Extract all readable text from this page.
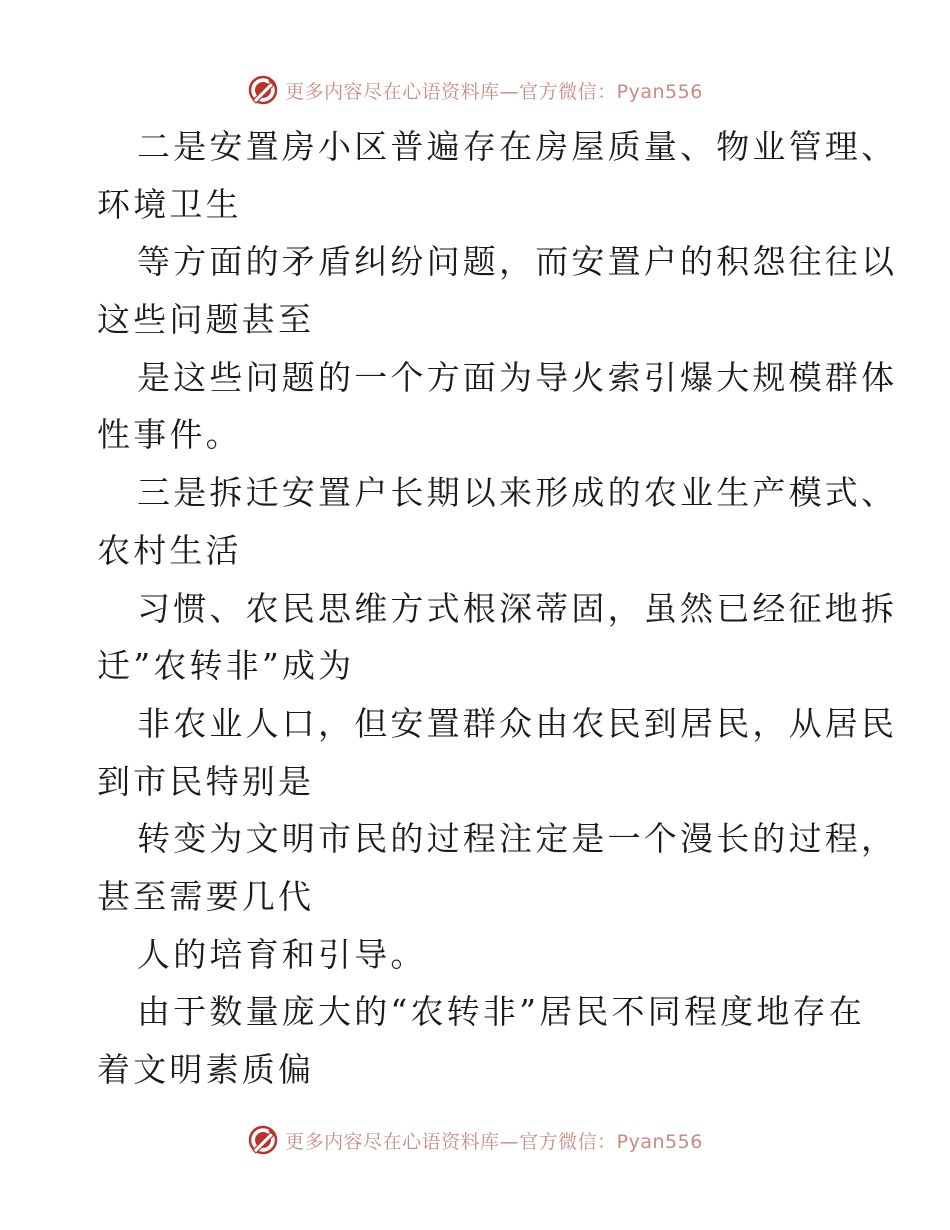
更多内容尽在心语资料库—官方微信：Pyan556
二是安置房小区普遍存在房屋质量、物业管理、
环境卫生
等方面的矛盾纠纷问题，而安置户的积怨往往以
这些问题甚至
是这些问题的一个方面为导火索引爆大规模群体
性事件。
三是拆迁安置户长期以来形成的农业生产模式、
农村生活
习惯、农民思维方式根深蒂固，虽然已经征地拆
迁”农转非”成为
非农业人口，但安置群众由农民到居民，从居民
到市民特别是
转变为文明市民的过程注定是一个漫长的过程，
甚至需要几代
人的培育和引导。
由于数量庞大的“农转非”居民不同程度地存在
着文明素质偏
更多内容尽在心语资料库—官方微信：Pyan556
